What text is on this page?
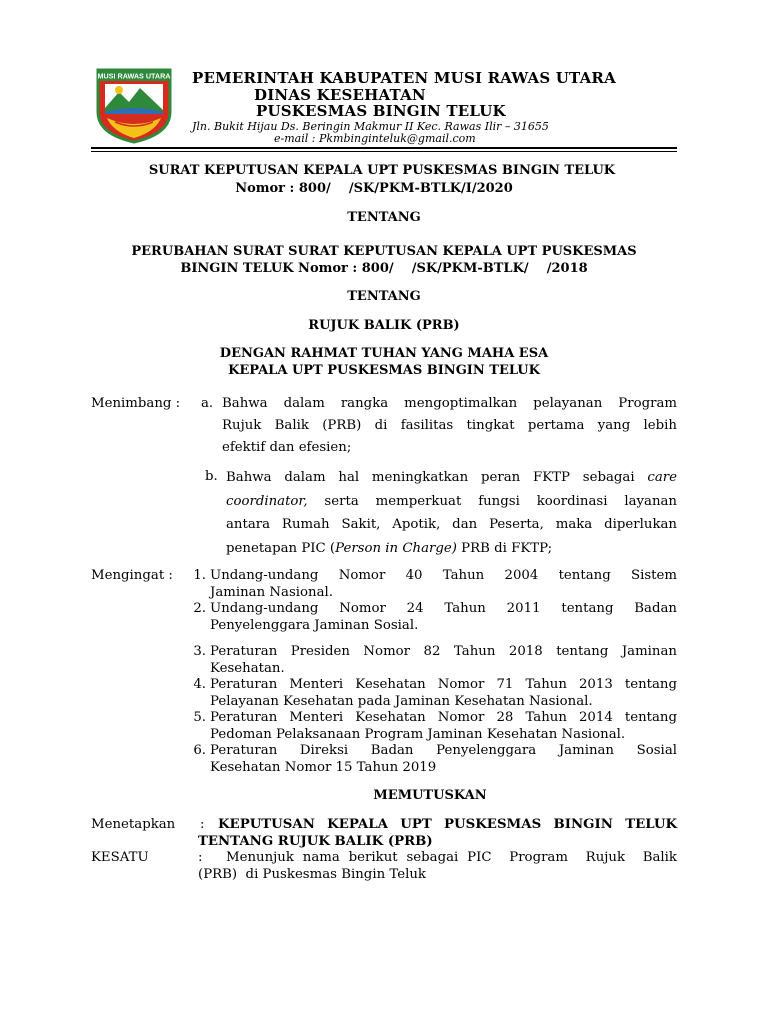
MUSI RAWAS UTARA PEMERINTAH KABUPATEN MUSI RAWAS UTARA
DINAS KESEHATAN
PUSKESMAS BINGIN TELUK
Jln. Bukit Hijau Ds. Beringin Makmur II Kec. Rawas Ilir – 31655
e-mail : Pkmbinginteluk@gmail.com
SURAT KEPUTUSAN KEPALA UPT PUSKESMAS BINGIN TELUK
Nomor : 800/    /SK/PKM-BTLK/I/2020
TENTANG
PERUBAHAN SURAT SURAT KEPUTUSAN KEPALA UPT PUSKESMAS
BINGIN TELUK Nomor : 800/    /SK/PKM-BTLK/    /2018
TENTANG
RUJUK BALIK (PRB)
DENGAN RAHMAT TUHAN YANG MAHA ESA
KEPALA UPT PUSKESMAS BINGIN TELUK
Menimbang : a. Bahwa dalam rangka mengoptimalkan pelayanan Program
Rujuk Balik (PRB) di fasilitas tingkat pertama yang lebih
efektif dan efesien;
b. Bahwa dalam hal meningkatkan peran FKTP sebagai care
coordinator, serta memperkuat fungsi koordinasi layanan
antara Rumah Sakit, Apotik, dan Peserta, maka diperlukan
penetapan PIC (Person in Charge) PRB di FKTP;
Mengingat :	1. Undang-undang Nomor 40 Tahun 2004 tentang Sistem
Jaminan Nasional.
2. Undang-undang Nomor 24 Tahun 2011 tentang Badan
Penyelenggara Jaminan Sosial.
3. Peraturan Presiden Nomor 82 Tahun 2018 tentang Jaminan
Kesehatan.
4. Peraturan Menteri Kesehatan Nomor 71 Tahun 2013 tentang
Pelayanan Kesehatan pada Jaminan Kesehatan Nasional.
5. Peraturan Menteri Kesehatan Nomor 28 Tahun 2014 tentang
Pedoman Pelaksanaan Program Jaminan Kesehatan Nasional.
6. Peraturan Direksi Badan Penyelenggara Jaminan Sosial
Kesehatan Nomor 15 Tahun 2019
MEMUTUSKAN
Menetapkan : KEPUTUSAN KEPALA UPT PUSKESMAS BINGIN TELUK
TENTANG RUJUK BALIK (PRB)
KESATU	: Menunjuk nama berikut sebagai PIC  Program  Rujuk  Balik
(PRB)  di Puskesmas Bingin Teluk
